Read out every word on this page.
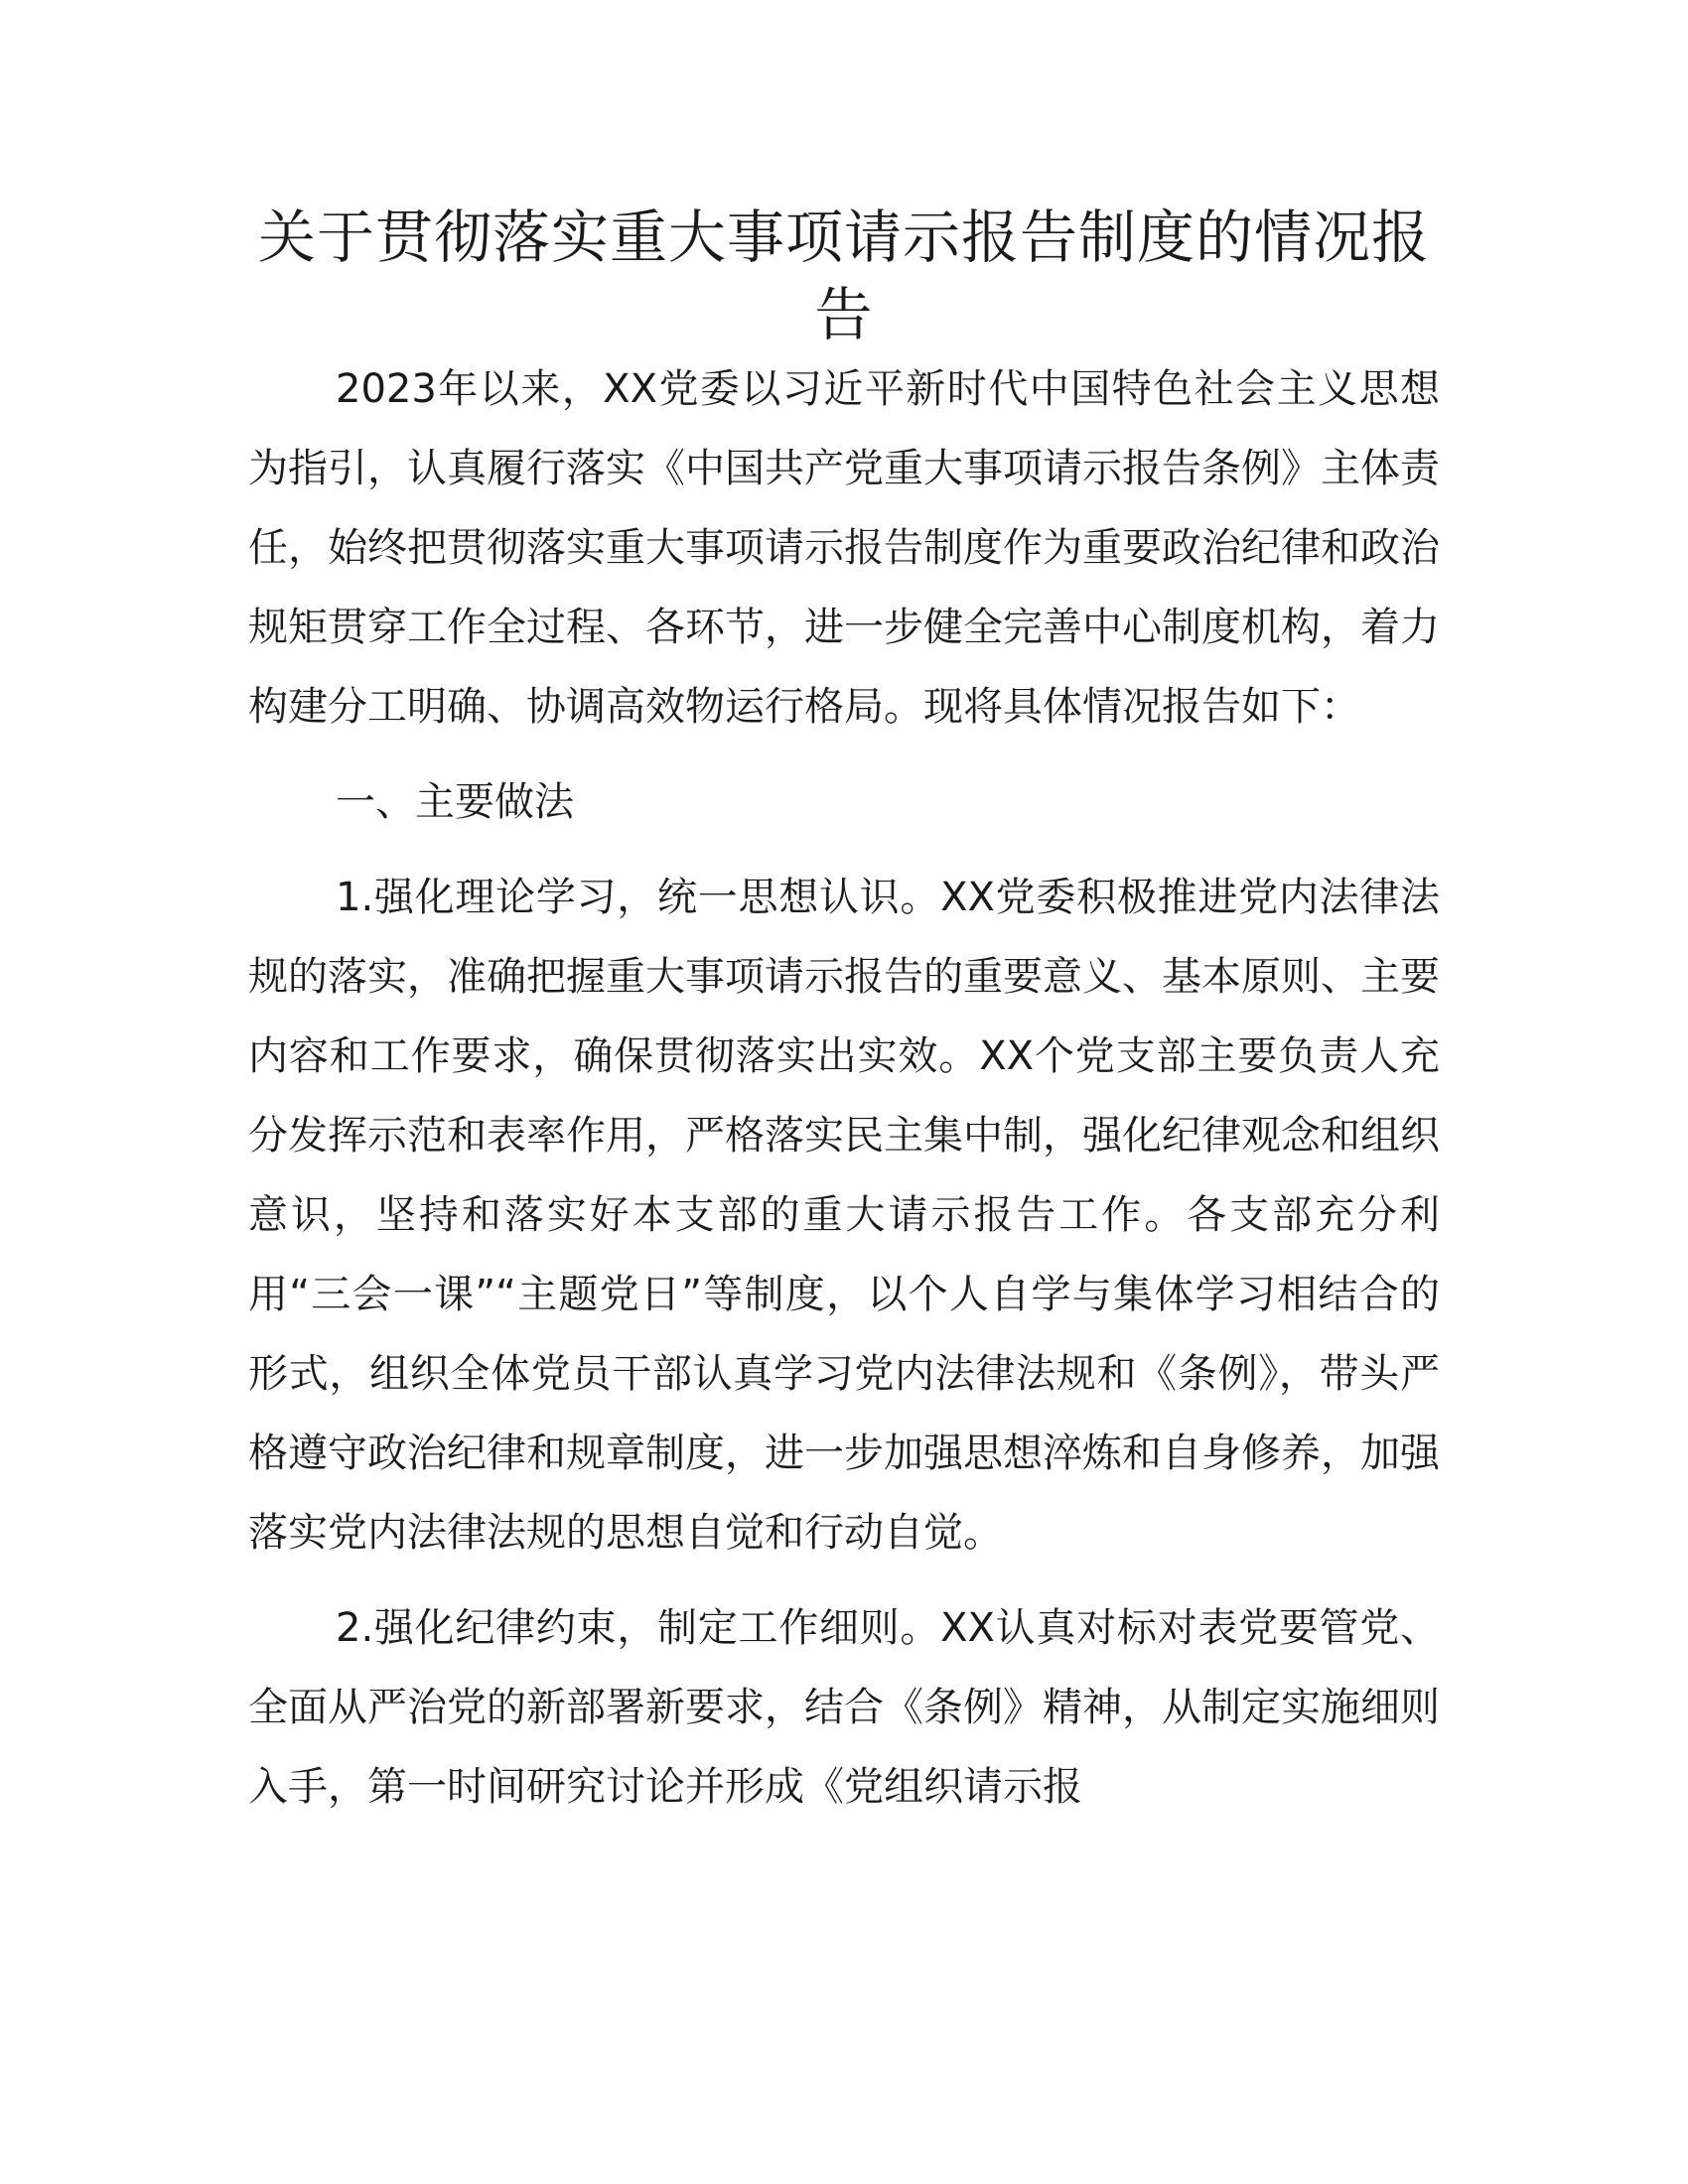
关于贯彻落实重大事项请示报告制度的情况报告

2023年以来，XX党委以习近平新时代中国特色社会主义思想为指引，认真履行落实《中国共产党重大事项请示报告条例》主体责任，始终把贯彻落实重大事项请示报告制度作为重要政治纪律和政治规矩贯穿工作全过程、各环节，进一步健全完善中心制度机构，着力构建分工明确、协调高效物运行格局。现将具体情况报告如下：

一、主要做法

1.强化理论学习，统一思想认识。XX党委积极推进党内法律法规的落实，准确把握重大事项请示报告的重要意义、基本原则、主要内容和工作要求，确保贯彻落实出实效。XX个党支部主要负责人充分发挥示范和表率作用，严格落实民主集中制，强化纪律观念和组织意识，坚持和落实好本支部的重大请示报告工作。各支部充分利用“三会一课”“主题党日”等制度，以个人自学与集体学习相结合的形式，组织全体党员干部认真学习党内法律法规和《条例》，带头严格遵守政治纪律和规章制度，进一步加强思想淬炼和自身修养，加强落实党内法律法规的思想自觉和行动自觉。

2.强化纪律约束，制定工作细则。XX认真对标对表党要管党、全面从严治党的新部署新要求，结合《条例》精神，从制定实施细则入手，第一时间研究讨论并形成《党组织请示报
